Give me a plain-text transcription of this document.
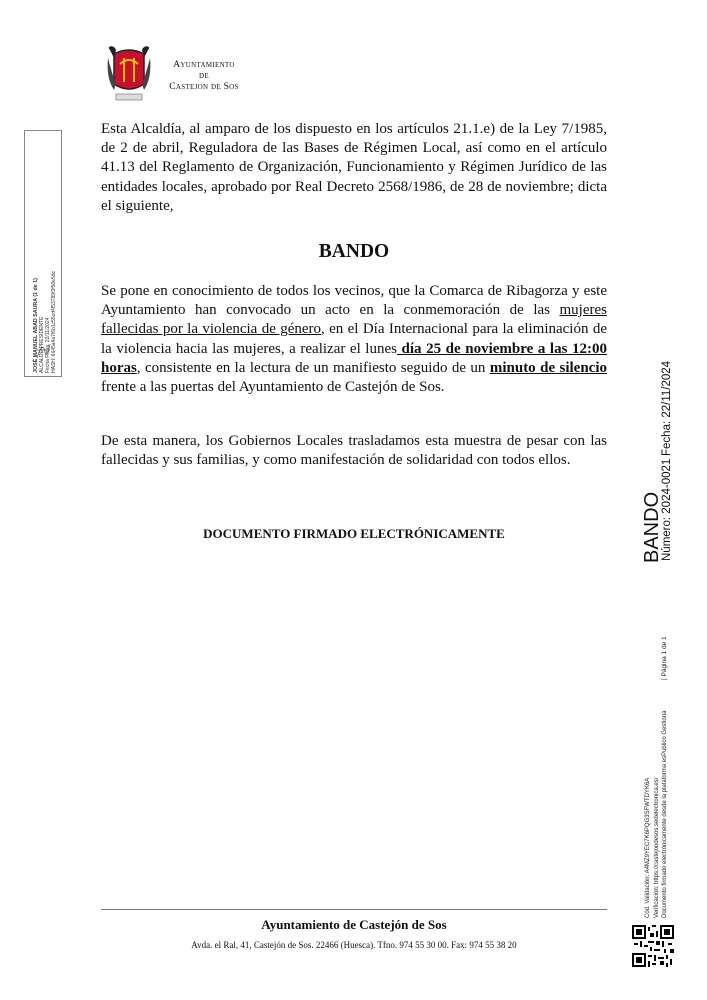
Ayuntamiento
de
Castejon de Sos
JOSÉ MANUEL ABAD SAURA (1 de 1) ALCALDE-PRESIDENTE Fecha Firma: 22/11/2024 HASH: 6645a4a7f6b1c55cd4f53789f3f56e5dc
Esta Alcaldía, al amparo de los dispuesto en los artículos 21.1.e) de la Ley 7/1985, de 2 de abril, Reguladora de las Bases de Régimen Local, así como en el artículo 41.13 del Reglamento de Organización, Funcionamiento y Régimen Jurídico de las entidades locales, aprobado por Real Decreto 2568/1986, de 28 de noviembre; dicta el siguiente,
BANDO
Se pone en conocimiento de todos los vecinos, que la Comarca de Ribagorza y este Ayuntamiento han convocado un acto en la conmemoración de las mujeres fallecidas por la violencia de género, en el Día Internacional para la eliminación de la violencia hacia las mujeres, a realizar el lunes día 25 de noviembre a las 12:00 horas, consistente en la lectura de un manifiesto seguido de un minuto de silencio frente a las puertas del Ayuntamiento de Castejón de Sos.
De esta manera, los Gobiernos Locales trasladamos esta muestra de pesar con las fallecidas y sus familias, y como manifestación de solidaridad con todos ellos.
DOCUMENTO FIRMADO ELECTRÓNICAMENTE
Ayuntamiento de Castejón de Sos
Avda. el Ral, 41, Castejón de Sos. 22466 (Huesca). Tfno. 974 55 30 00. Fax: 974 55 38 20
BANDO
Número: 2024-0021
Fecha: 22/11/2024
| Página 1 de 1
Cód. Validación: A4MZ9YEC7K6PQG3SFWTDYK6A Verificación: https://castejondesos.sedelectronica.es/ Documento firmado electrónicamente desde la plataforma esPublico Gestiona
